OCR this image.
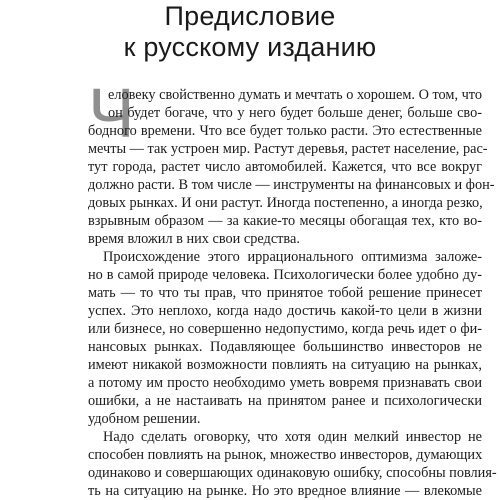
Предисловие
к русскому изданию
Ч
еловеку свойственно думать и мечтать о хорошем. О том, что
он будет богаче, что у него будет больше денег, больше сво-
бодного времени. Что все будет только расти. Это естественные
мечты — так устроен мир. Растут деревья, растет население, рас-
тут города, растет число автомобилей. Кажется, что все вокруг
должно расти. В том числе — инструменты на финансовых и фон-
довых рынках. И они растут. Иногда постепенно, а иногда резко,
взрывным образом — за какие-то месяцы обогащая тех, кто во-
время вложил в них свои средства.
Происхождение этого иррационального оптимизма заложе-
но в самой природе человека. Психологически более удобно ду-
мать — то что ты прав, что принятое тобой решение принесет
успех. Это неплохо, когда надо достичь какой-то цели в жизни
или бизнесе, но совершенно недопустимо, когда речь идет о фи-
нансовых рынках. Подавляющее большинство инвесторов не
имеют никакой возможности повлиять на ситуацию на рынках,
а потому им просто необходимо уметь вовремя признавать свои
ошибки, а не настаивать на принятом ранее и психологически
удобном решении.
Надо сделать оговорку, что хотя один мелкий инвестор не
способен повлиять на рынок, множество инвесторов, думающих
одинаково и совершающих одинаковую ошибку, способны повлия-
ть на ситуацию на рынке. Но это вредное влияние — влекомые
